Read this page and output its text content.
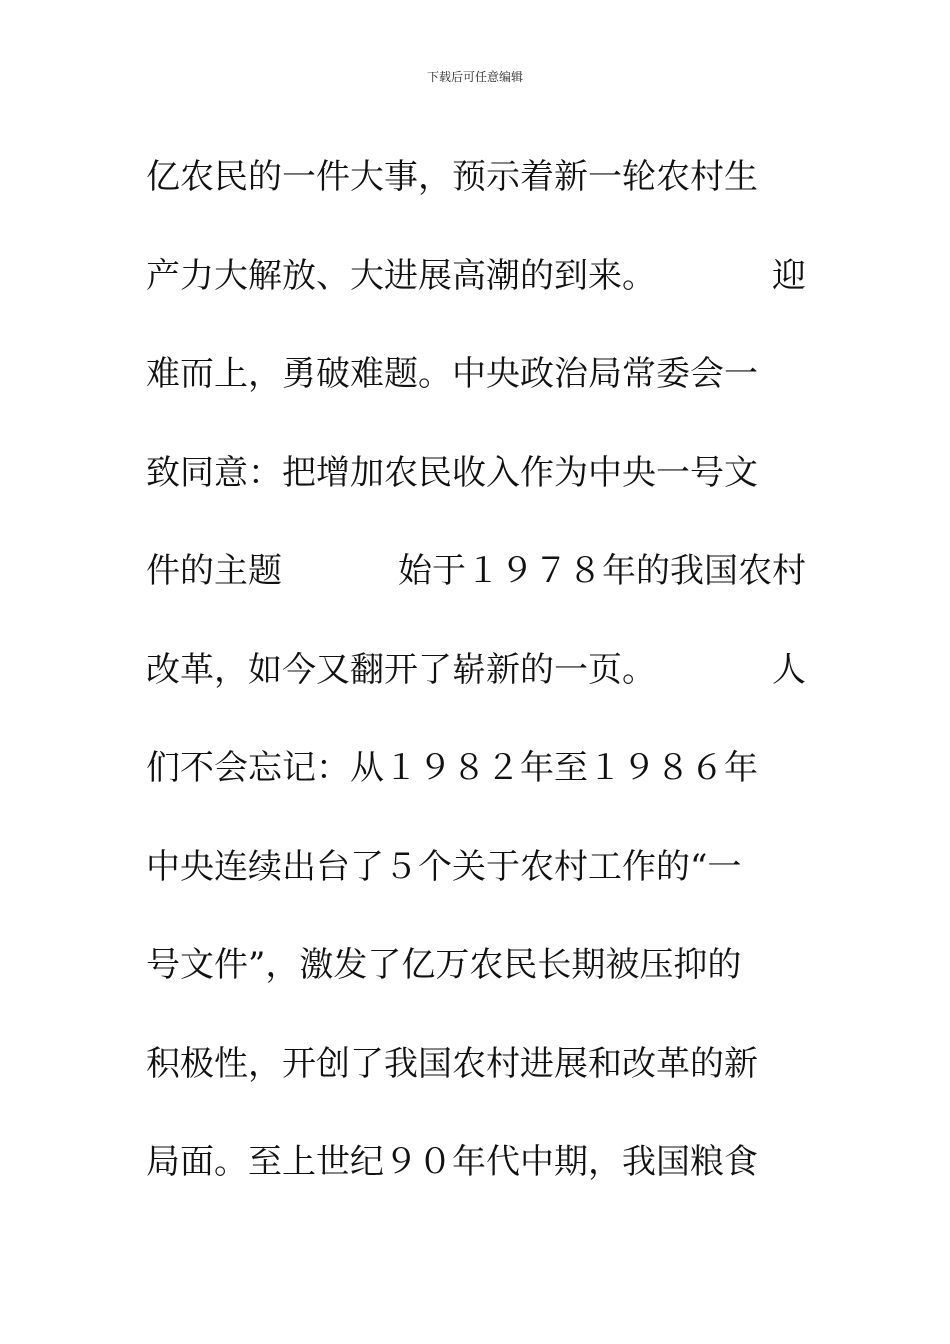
下载后可任意编辑
亿农民的一件大事，预示着新一轮农村生
产力大解放、大进展高潮的到来。	迎
难而上，勇破难题。中央政治局常委会一
致同意：把增加农民收入作为中央一号文
件的主题	始于１９７８年的我国农村
改革，如今又翻开了崭新的一页。	人
们不会忘记：从１９８２年至１９８６年
中央连续出台了５个关于农村工作的“一
号文件”，激发了亿万农民长期被压抑的
积极性，开创了我国农村进展和改革的新
局面。至上世纪９０年代中期，我国粮食
